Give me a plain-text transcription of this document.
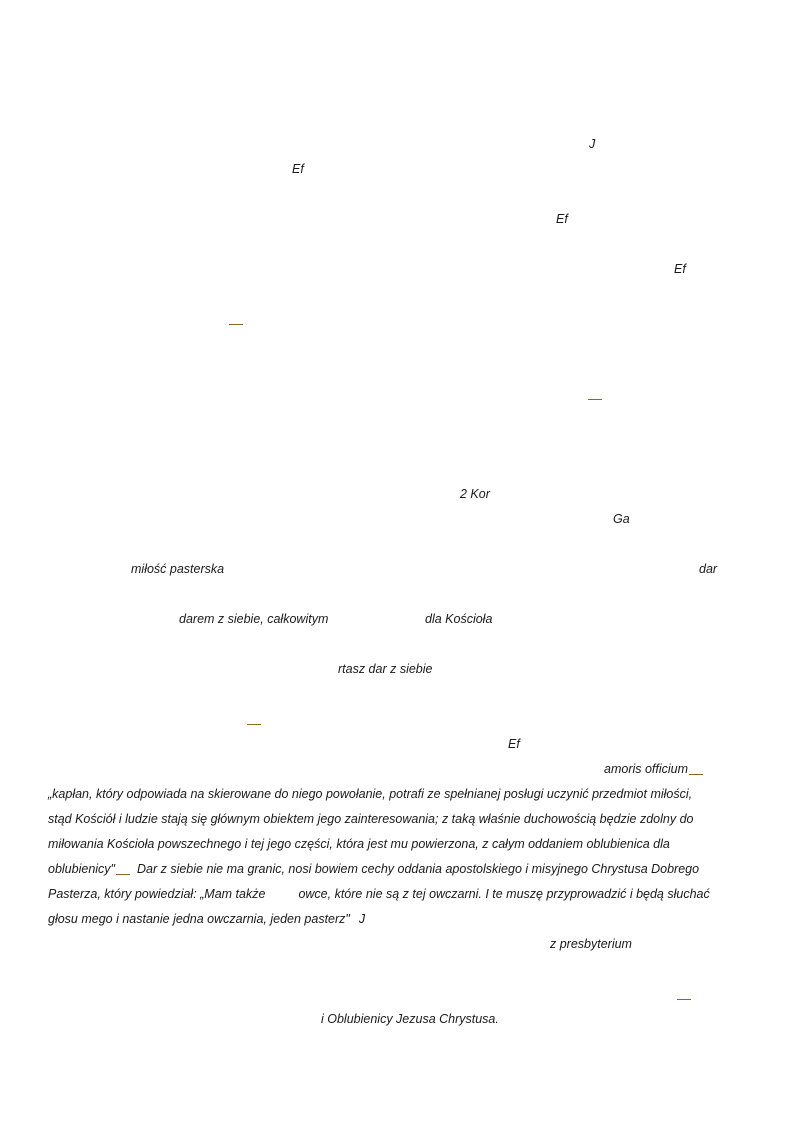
J
Ef
Ef
Ef
2 Kor
Ga
miłość pasterska	dar
darem z siebie, całkowitym	dla Kościoła
rtasz dar z siebie
Ef
amoris officium
„kapłan, który odpowiada na skierowane do niego powołanie, potrafi ze spełnianej posługi uczynić przedmiot miłości,
stąd Kościół i ludzie stają się głównym obiektem jego zainteresowania; z taką właśnie duchowością będzie zdolny do
miłowania Kościoła powszechnego i tej jego części, która jest mu powierzona, z całym oddaniem oblubienica dla
oblubienicy" Dar z siebie nie ma granic, nosi bowiem cechy oddania apostolskiego i misyjnego Chrystusa Dobrego
Pasterza, który powiedział: „Mam także	owce, które nie są z tej owczarni. I te muszę przyprowadzić i będą słuchać
głosu mego i nastanie jedna owczarnia, jeden pasterz" J
z presbyterium
i Oblubienicy Jezusa Chrystusa.
